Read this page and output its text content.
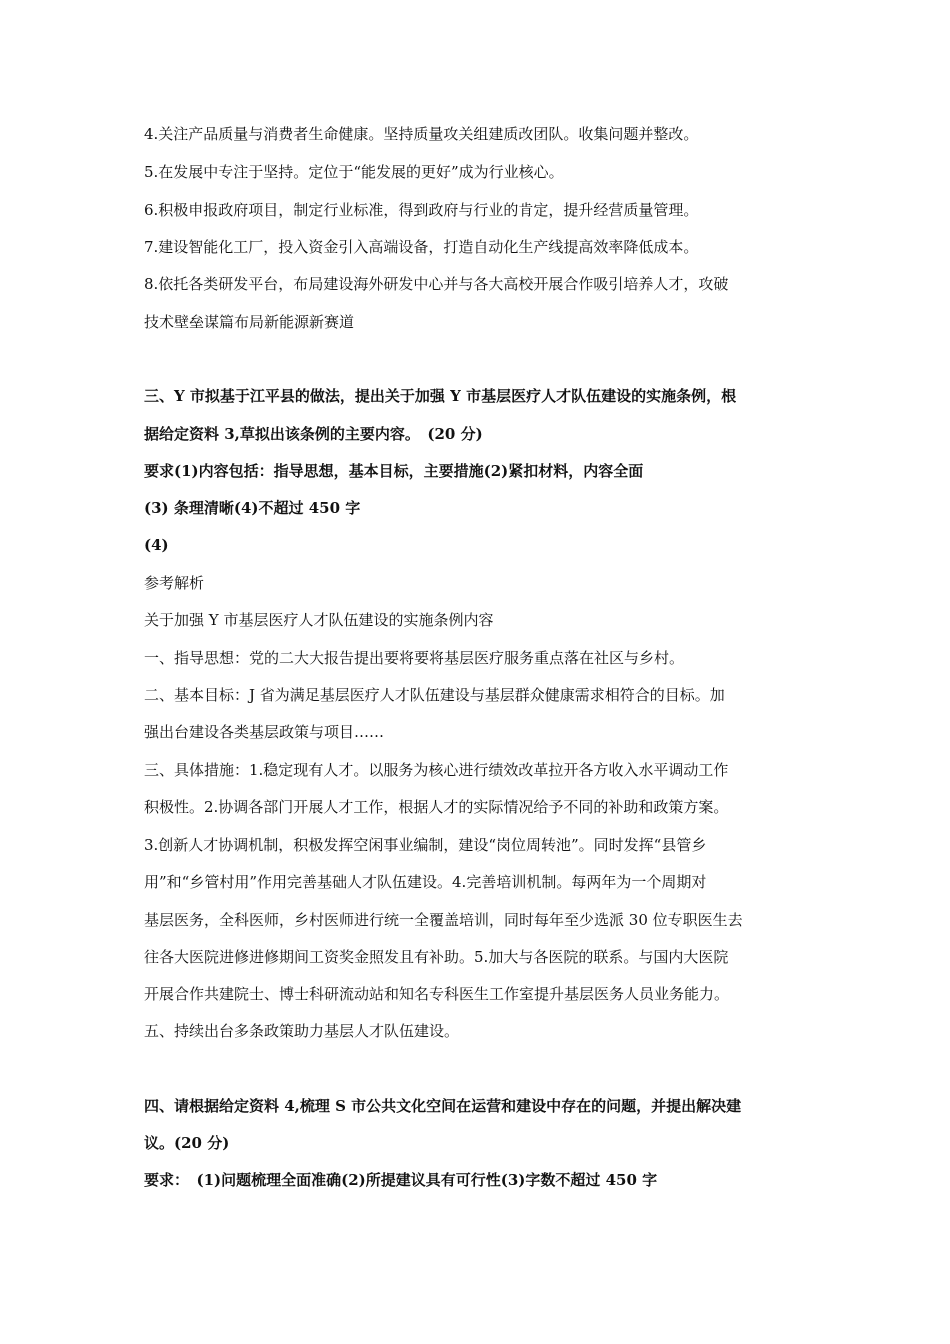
4.关注产品质量与消费者生命健康。坚持质量攻关组建质改团队。收集问题并整改。
5.在发展中专注于坚持。定位于“能发展的更好”成为行业核心。
6.积极申报政府项目，制定行业标准，得到政府与行业的肯定，提升经营质量管理。
7.建设智能化工厂，投入资金引入高端设备，打造自动化生产线提高效率降低成本。
8.依托各类研发平台，布局建设海外研发中心并与各大高校开展合作吸引培养人才，攻破
技术壁垒谋篇布局新能源新赛道
三、Y 市拟基于江平县的做法，提出关于加强 Y 市基层医疗人才队伍建设的实施条例，根
据给定资料 3,草拟出该条例的主要内容。　(20 分)
要求(1)内容包括：指导思想，基本目标，主要措施(2)紧扣材料，内容全面
(3) 条理清晰(4)不超过 450 字
(4)
参考解析
关于加强 Y 市基层医疗人才队伍建设的实施条例内容
一、指导思想：党的二大大报告提出要将要将基层医疗服务重点落在社区与乡村。
二、基本目标：J 省为满足基层医疗人才队伍建设与基层群众健康需求相符合的目标。加
强出台建设各类基层政策与项目……
三、具体措施：1.稳定现有人才。以服务为核心进行绩效改革拉开各方收入水平调动工作
积极性。2.协调各部门开展人才工作，根据人才的实际情况给予不同的补助和政策方案。
3.创新人才协调机制，积极发挥空闲事业编制，建设“岗位周转池”。同时发挥“县管乡
用”和“乡管村用”作用完善基础人才队伍建设。4.完善培训机制。每两年为一个周期对
基层医务，全科医师，乡村医师进行统一全覆盖培训，同时每年至少选派 30 位专职医生去
往各大医院进修进修期间工资奖金照发且有补助。5.加大与各医院的联系。与国内大医院
开展合作共建院士、博士科研流动站和知名专科医生工作室提升基层医务人员业务能力。
五、持续出台多条政策助力基层人才队伍建设。
四、请根据给定资料 4,梳理 S 市公共文化空间在运营和建设中存在的问题，并提出解决建
议。(20 分)
要求：　(1)问题梳理全面准确(2)所提建议具有可行性(3)字数不超过 450 字
